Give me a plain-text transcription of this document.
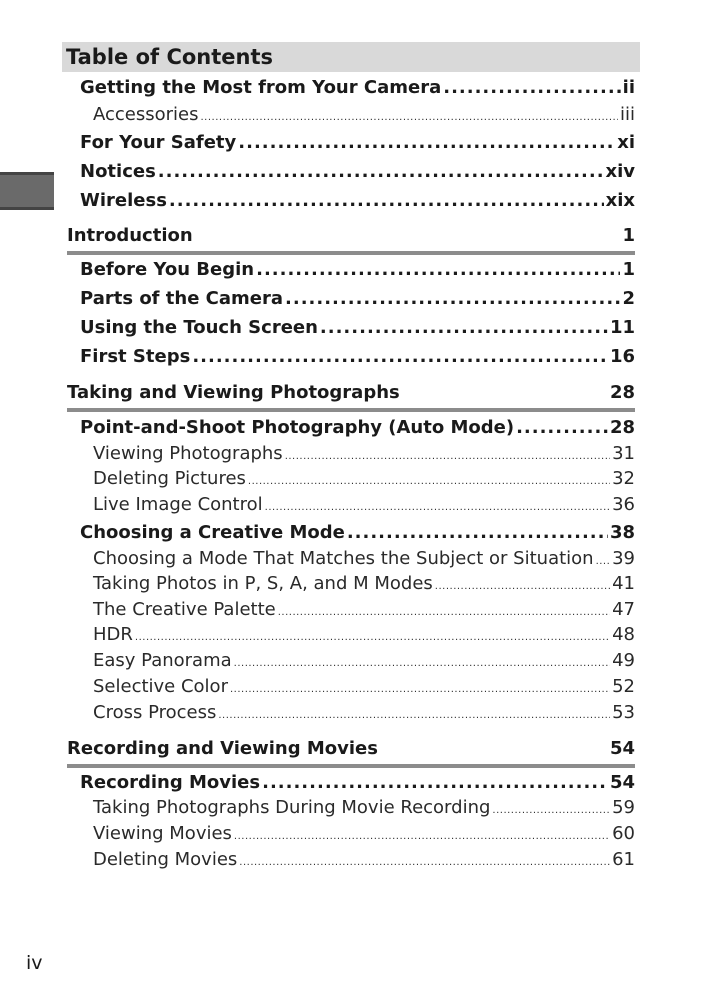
Table of Contents
Getting the Most from Your Camera .....	ii
Accessories .....	iii
For Your Safety .....	xi
Notices .....	xiv
Wireless .....	xix
Introduction	1
Before You Begin .....	1
Parts of the Camera .....	2
Using the Touch Screen .....	11
First Steps .....	16
Taking and Viewing Photographs	28
Point-and-Shoot Photography (Auto Mode) .....	28
Viewing Photographs .....	31
Deleting Pictures .....	32
Live Image Control .....	36
Choosing a Creative Mode .....	38
Choosing a Mode That Matches the Subject or Situation ..... 39
Taking Photos in P, S, A, and M Modes .....	41
The Creative Palette .....	47
HDR .....	48
Easy Panorama .....	49
Selective Color .....	52
Cross Process .....	53
Recording and Viewing Movies	54
Recording Movies .....	54
Taking Photographs During Movie Recording .....	59
Viewing Movies .....	60
Deleting Movies .....	61
iv
